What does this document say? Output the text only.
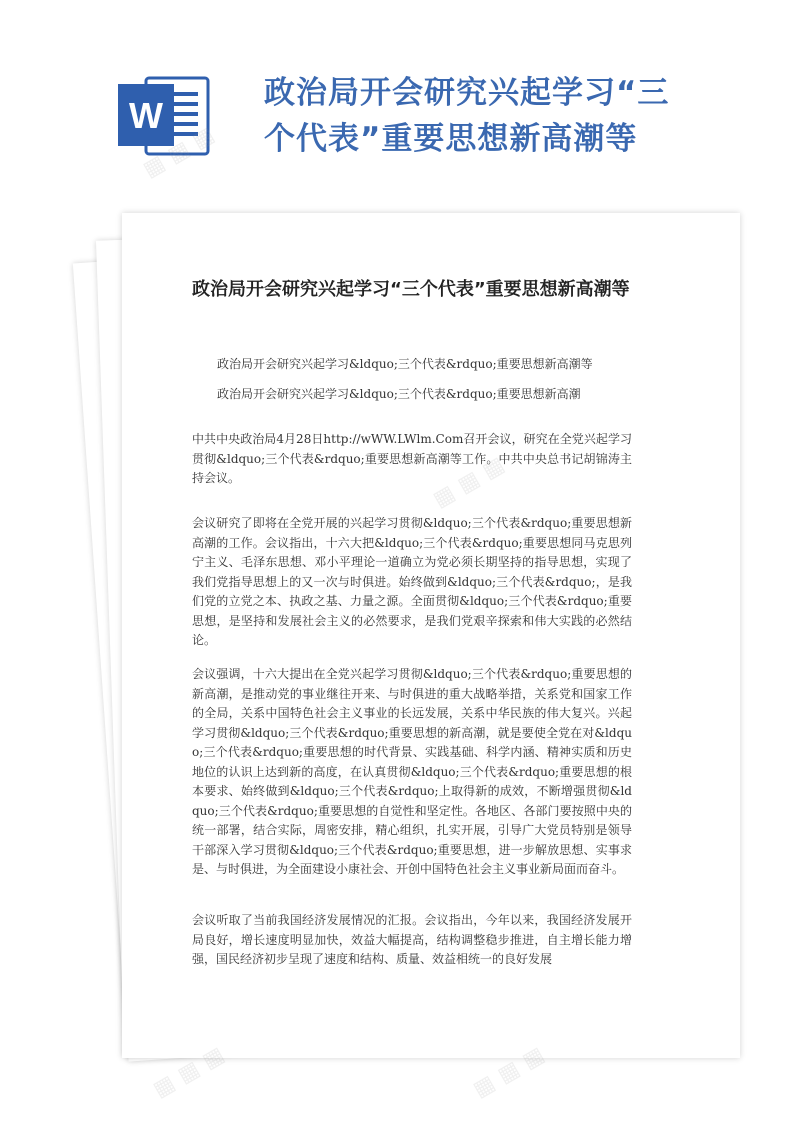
W
政治局开会研究兴起学习“三个代表”重要思想新高潮等
政治局开会研究兴起学习“三个代表”重要思想新高潮等
政治局开会研究兴起学习&ldquo;三个代表&rdquo;重要思想新高潮等
政治局开会研究兴起学习&ldquo;三个代表&rdquo;重要思想新高潮

中共中央政治局4月28日http://wWW.LWlm.Com召开会议，研究在全党兴起学习贯彻&ldquo;三个代表&rdquo;重要思想新高潮等工作。中共中央总书记胡锦涛主持会议。

会议研究了即将在全党开展的兴起学习贯彻&ldquo;三个代表&rdquo;重要思想新高潮的工作。会议指出，十六大把&ldquo;三个代表&rdquo;重要思想同马克思列宁主义、毛泽东思想、邓小平理论一道确立为党必须长期坚持的指导思想，实现了我们党指导思想上的又一次与时俱进。始终做到&ldquo;三个代表&rdquo;，是我们党的立党之本、执政之基、力量之源。全面贯彻&ldquo;三个代表&rdquo;重要思想，是坚持和发展社会主义的必然要求，是我们党艰辛探索和伟大实践的必然结论。

会议强调，十六大提出在全党兴起学习贯彻&ldquo;三个代表&rdquo;重要思想的新高潮，是推动党的事业继往开来、与时俱进的重大战略举措，关系党和国家工作的全局，关系中国特色社会主义事业的长远发展，关系中华民族的伟大复兴。兴起学习贯彻&ldquo;三个代表&rdquo;重要思想的新高潮，就是要使全党在对&ldquo;三个代表&rdquo;重要思想的时代背景、实践基础、科学内涵、精神实质和历史地位的认识上达到新的高度，在认真贯彻&ldquo;三个代表&rdquo;重要思想的根本要求、始终做到&ldquo;三个代表&rdquo;上取得新的成效，不断增强贯彻&ldquo;三个代表&rdquo;重要思想的自觉性和坚定性。各地区、各部门要按照中央的统一部署，结合实际，周密安排，精心组织，扎实开展，引导广大党员特别是领导干部深入学习贯彻&ldquo;三个代表&rdquo;重要思想，进一步解放思想、实事求是、与时俱进，为全面建设小康社会、开创中国特色社会主义事业新局面而奋斗。

会议听取了当前我国经济发展情况的汇报。会议指出，今年以来，我国经济发展开局良好，增长速度明显加快，效益大幅提高，结构调整稳步推进，自主增长能力增强，国民经济初步呈现了速度和结构、质量、效益相统一的良好发展

▦
▦ ▦ ▦	▦ ▦ ▦
